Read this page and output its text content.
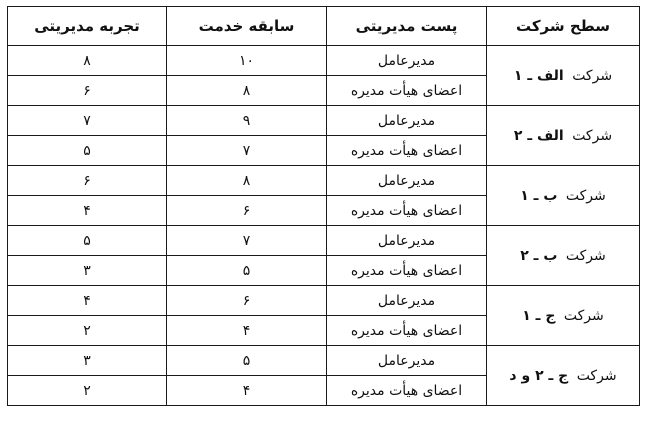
سطح شرکت	پست مدیریتی	سابقه خدمت	تجربه مدیریتی
شرکت الف ـ ۱	مدیرعامل	۱۰	۸
	اعضای هیأت مدیره	۸	۶
شرکت الف ـ ۲	مدیرعامل	۹	۷
	اعضای هیأت مدیره	۷	۵
شرکت ب ـ ۱	مدیرعامل	۸	۶
	اعضای هیأت مدیره	۶	۴
شرکت ب ـ ۲	مدیرعامل	۷	۵
	اعضای هیأت مدیره	۵	۳
شرکت ج ـ ۱	مدیرعامل	۶	۴
	اعضای هیأت مدیره	۴	۲
شرکت ج ـ ۲ و د	مدیرعامل	۵	۳
	اعضای هیأت مدیره	۴	۲
